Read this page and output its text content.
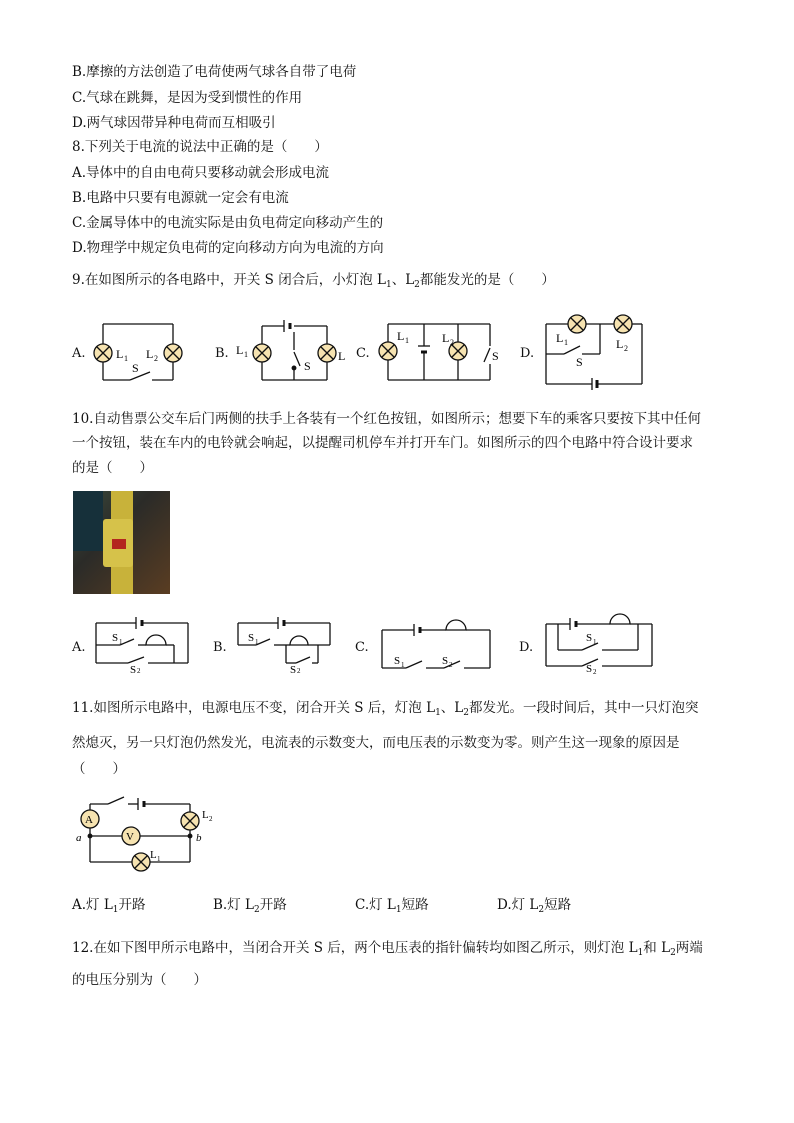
B.摩擦的方法创造了电荷使两气球各自带了电荷
C.气球在跳舞，是因为受到惯性的作用
D.两气球因带异种电荷而互相吸引
8.下列关于电流的说法中正确的是（　　）
A.导体中的自由电荷只要移动就会形成电流
B.电路中只要有电源就一定会有电流
C.金属导体中的电流实际是由负电荷定向移动产生的
D.物理学中规定负电荷的定向移动方向为电流的方向
9.在如图所示的各电路中，开关 S 闭合后，小灯泡 $L_1$、$L_2$都能发光的是（　　）
A.	B.	C.	D.
L 1 L 2
S
L 1	L
S
L 1	L 2
S
L 1	L 2
S
10.自动售票公交车后门两侧的扶手上各装有一个红色按钮，如图所示；想要下车的乘客只要按下其中任何
一个按钮，装在车内的电铃就会响起，以提醒司机停车并打开车门。如图所示的四个电路中符合设计要求
的是（　　）
A.	B.	C.	D.
S 1
S 2
S 1
S 2
S 1	S 2
S 1
S 2
11.如图所示电路中，电源电压不变，闭合开关 S 后，灯泡 $L_1$、$L_2$都发光。一段时间后，其中一只灯泡突
然熄灭，另一只灯泡仍然发光，电流表的示数变大，而电压表的示数变为零。则产生这一现象的原因是
（　　）
A
V
a	b
L 2
L 1
A.灯 $L_1$开路	B.灯 $L_2$开路	C.灯 $L_1$短路	D.灯 $L_2$短路
12.在如下图甲所示电路中，当闭合开关 S 后，两个电压表的指针偏转均如图乙所示，则灯泡 $L_1$和 $L_2$两端
的电压分别为（　　）
